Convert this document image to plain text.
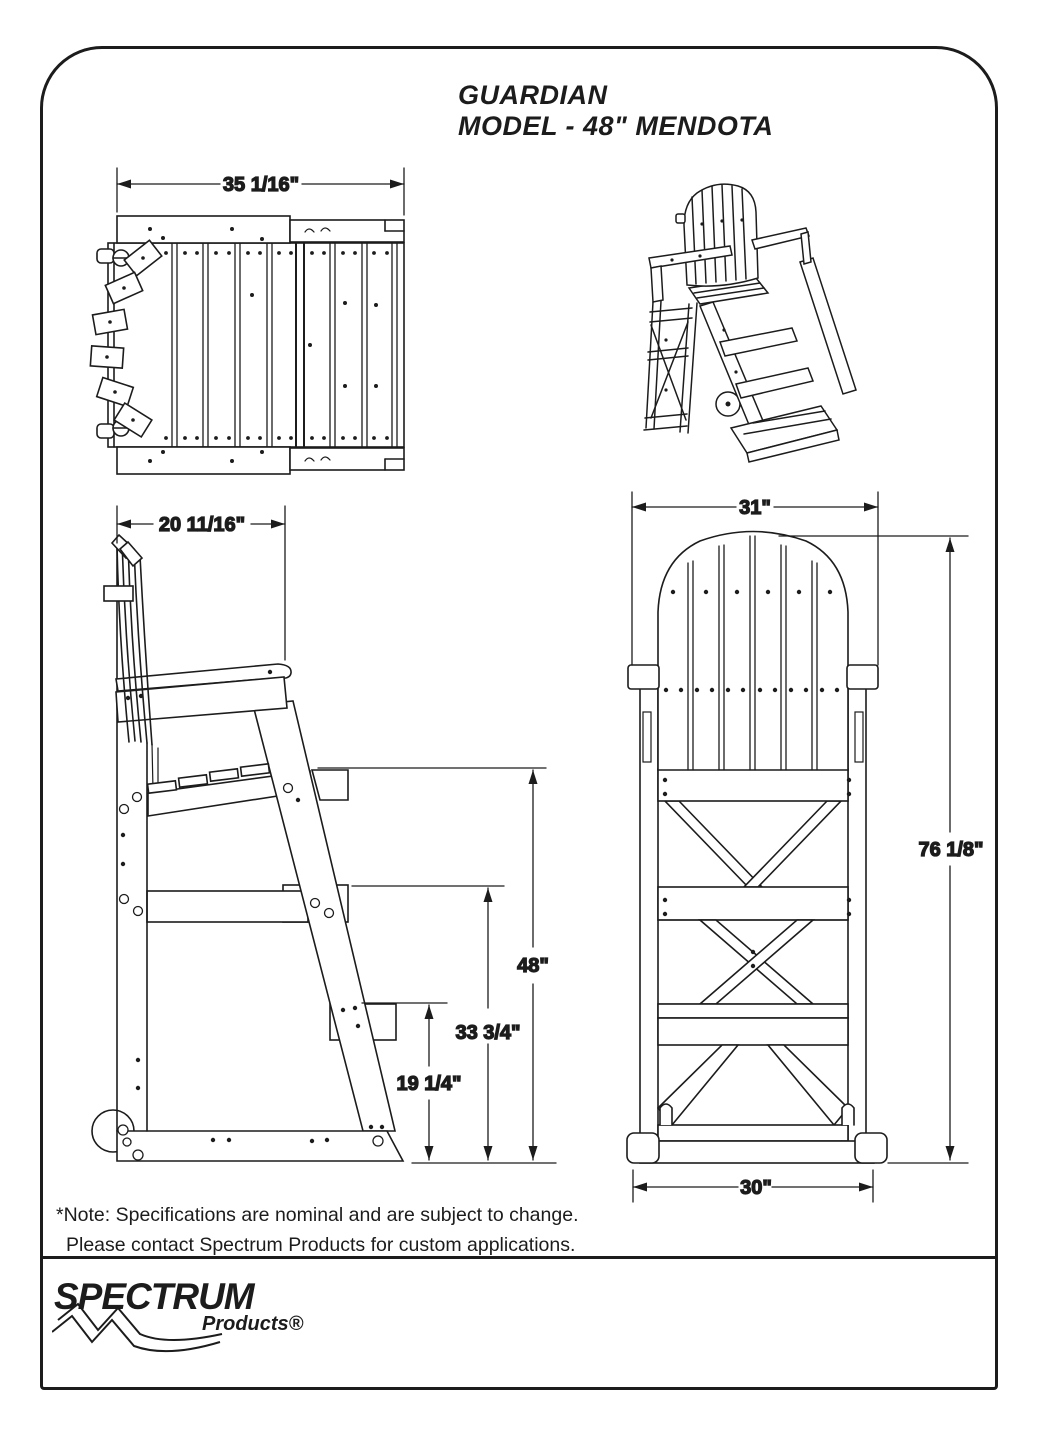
GUARDIAN
MODEL - 48" MENDOTA
35 1/16"
20 11/16"
48"
33 3/4"
19 1/4"
31"
76 1/8"
30"
*Note: Specifications are nominal and are subject to change.
Please contact Spectrum Products for custom applications.
SPECTRUM
Products®
